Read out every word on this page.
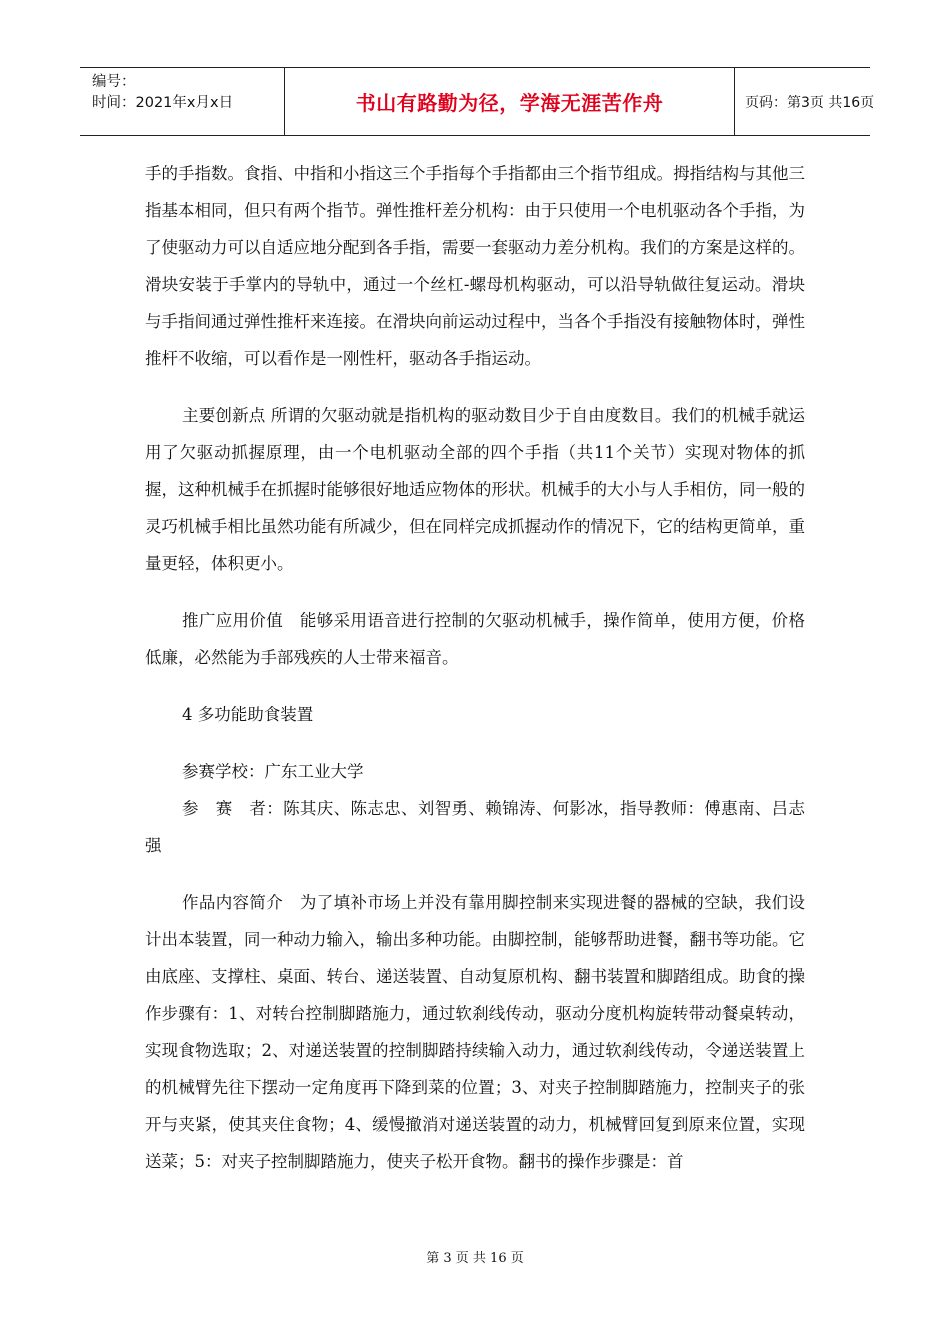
编号：
时间：2021年x月x日	书山有路勤为径，学海无涯苦作舟	页码：第3页 共16页

手的手指数。食指、中指和小指这三个手指每个手指都由三个指节组成。拇指结构与其他三指基本相同，但只有两个指节。弹性推杆差分机构：由于只使用一个电机驱动各个手指，为了使驱动力可以自适应地分配到各手指，需要一套驱动力差分机构。我们的方案是这样的。滑块安装于手掌内的导轨中，通过一个丝杠-螺母机构驱动，可以沿导轨做往复运动。滑块与手指间通过弹性推杆来连接。在滑块向前运动过程中，当各个手指没有接触物体时，弹性推杆不收缩，可以看作是一刚性杆，驱动各手指运动。

主要创新点 所谓的欠驱动就是指机构的驱动数目少于自由度数目。我们的机械手就运用了欠驱动抓握原理，由一个电机驱动全部的四个手指（共11个关节）实现对物体的抓握，这种机械手在抓握时能够很好地适应物体的形状。机械手的大小与人手相仿，同一般的灵巧机械手相比虽然功能有所减少，但在同样完成抓握动作的情况下，它的结构更简单，重量更轻，体积更小。

推广应用价值　能够采用语音进行控制的欠驱动机械手，操作简单，使用方便，价格低廉，必然能为手部残疾的人士带来福音。

4 多功能助食装置

参赛学校：广东工业大学

参　赛　者：陈其庆、陈志忠、刘智勇、赖锦涛、何影冰，指导教师：傅惠南、吕志强

作品内容简介　为了填补市场上并没有靠用脚控制来实现进餐的器械的空缺，我们设计出本装置，同一种动力输入，输出多种功能。由脚控制，能够帮助进餐，翻书等功能。它由底座、支撑柱、桌面、转台、递送装置、自动复原机构、翻书装置和脚踏组成。助食的操作步骤有：1、对转台控制脚踏施力，通过软刹线传动，驱动分度机构旋转带动餐桌转动，实现食物选取；2、对递送装置的控制脚踏持续输入动力，通过软刹线传动，令递送装置上的机械臂先往下摆动一定角度再下降到菜的位置；3、对夹子控制脚踏施力，控制夹子的张开与夹紧，使其夹住食物；4、缓慢撤消对递送装置的动力，机械臂回复到原来位置，实现送菜；5：对夹子控制脚踏施力，使夹子松开食物。翻书的操作步骤是：首

第 3 页 共 16 页
